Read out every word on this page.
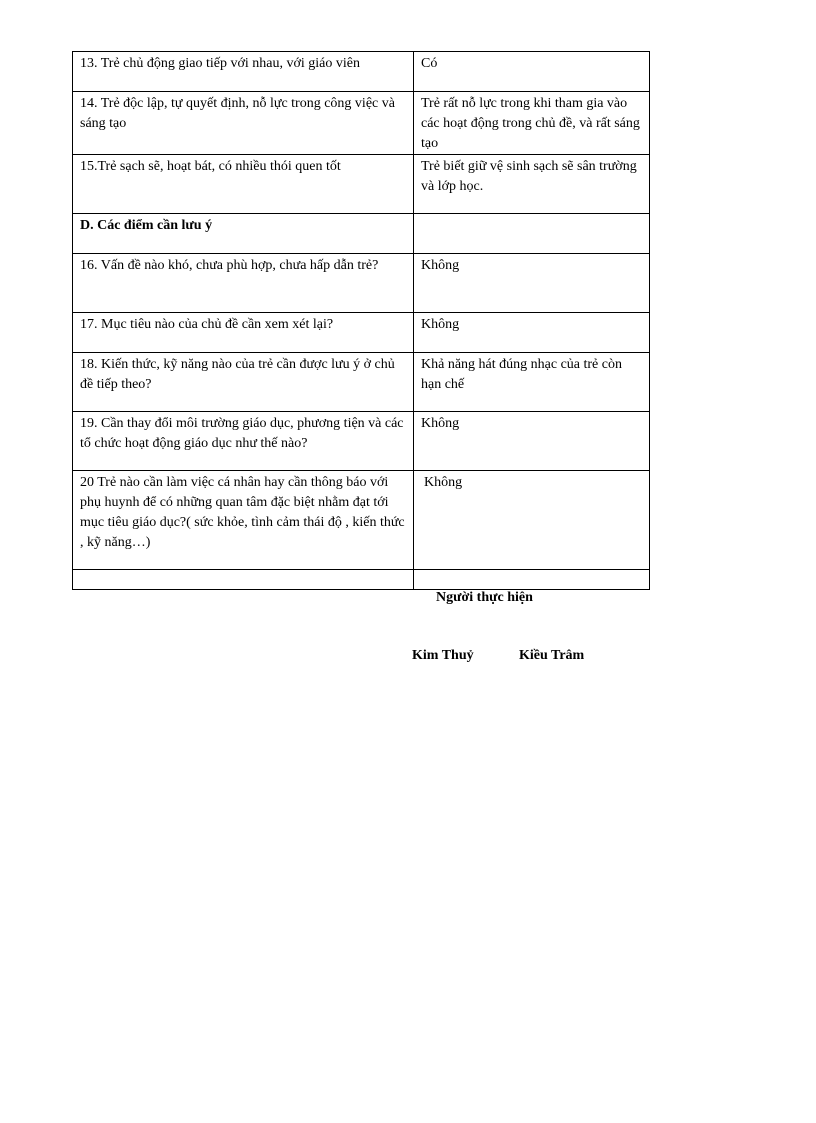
13. Trẻ chủ động giao tiếp với nhau, với giáo viên	Có
14. Trẻ độc lập, tự quyết định, nỗ lực trong công việc và sáng tạo	Trẻ rất nỗ lực trong khi tham gia vào các hoạt động trong chủ đề, và rất sáng tạo
15.Trẻ sạch sẽ, hoạt bát, có nhiều thói quen tốt	Trẻ biết giữ vệ sinh sạch sẽ sân trường và lớp học.
D. Các điểm cần lưu ý	
16. Vấn đề nào khó, chưa phù hợp, chưa hấp dẫn trẻ?	Không
17. Mục tiêu nào của chủ đề cần xem xét lại?	Không
18. Kiến thức, kỹ năng nào của trẻ cần được lưu ý ở chủ đề tiếp theo?	Khả năng hát đúng nhạc của trẻ còn hạn chế
19. Cần thay đổi môi trường giáo dục, phương tiện và các tổ chức hoạt động giáo dục như thế nào?	Không
20 Trẻ nào cần làm việc cá nhân hay cần thông báo với phụ huynh để có những quan tâm đặc biệt nhằm đạt tới mục tiêu giáo dục?( sức khỏe, tình cảm thái độ , kiến thức , kỹ năng…)	Không

Người thực hiện
Kim Thuỷ	Kiều Trâm
